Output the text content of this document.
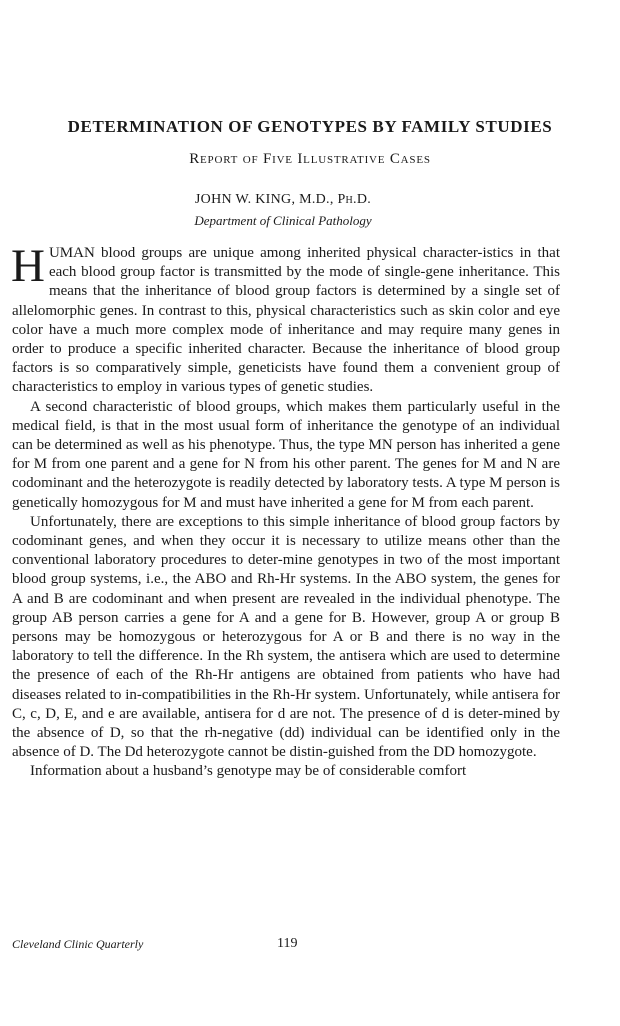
DETERMINATION OF GENOTYPES BY FAMILY STUDIES
Report of Five Illustrative Cases
JOHN W. KING, M.D., Ph.D.
Department of Clinical Pathology

HUMAN blood groups are unique among inherited physical character-istics in that each blood group factor is transmitted by the mode of single-gene inheritance. This means that the inheritance of blood group factors is determined by a single set of allelomorphic genes. In contrast to this, physical characteristics such as skin color and eye color have a much more complex mode of inheritance and may require many genes in order to produce a specific inherited character. Because the inheritance of blood group factors is so comparatively simple, geneticists have found them a convenient group of characteristics to employ in various types of genetic studies.

A second characteristic of blood groups, which makes them particularly useful in the medical field, is that in the most usual form of inheritance the genotype of an individual can be determined as well as his phenotype. Thus, the type MN person has inherited a gene for M from one parent and a gene for N from his other parent. The genes for M and N are codominant and the heterozygote is readily detected by laboratory tests. A type M person is genetically homozygous for M and must have inherited a gene for M from each parent.

Unfortunately, there are exceptions to this simple inheritance of blood group factors by codominant genes, and when they occur it is necessary to utilize means other than the conventional laboratory procedures to deter-mine genotypes in two of the most important blood group systems, i.e., the ABO and Rh-Hr systems. In the ABO system, the genes for A and B are codominant and when present are revealed in the individual phenotype. The group AB person carries a gene for A and a gene for B. However, group A or group B persons may be homozygous or heterozygous for A or B and there is no way in the laboratory to tell the difference. In the Rh system, the antisera which are used to determine the presence of each of the Rh-Hr antigens are obtained from patients who have had diseases related to in-compatibilities in the Rh-Hr system. Unfortunately, while antisera for C, c, D, E, and e are available, antisera for d are not. The presence of d is deter-mined by the absence of D, so that the rh-negative (dd) individual can be identified only in the absence of D. The Dd heterozygote cannot be distin-guished from the DD homozygote.

Information about a husband’s genotype may be of considerable comfort

Cleveland Clinic Quarterly	119
